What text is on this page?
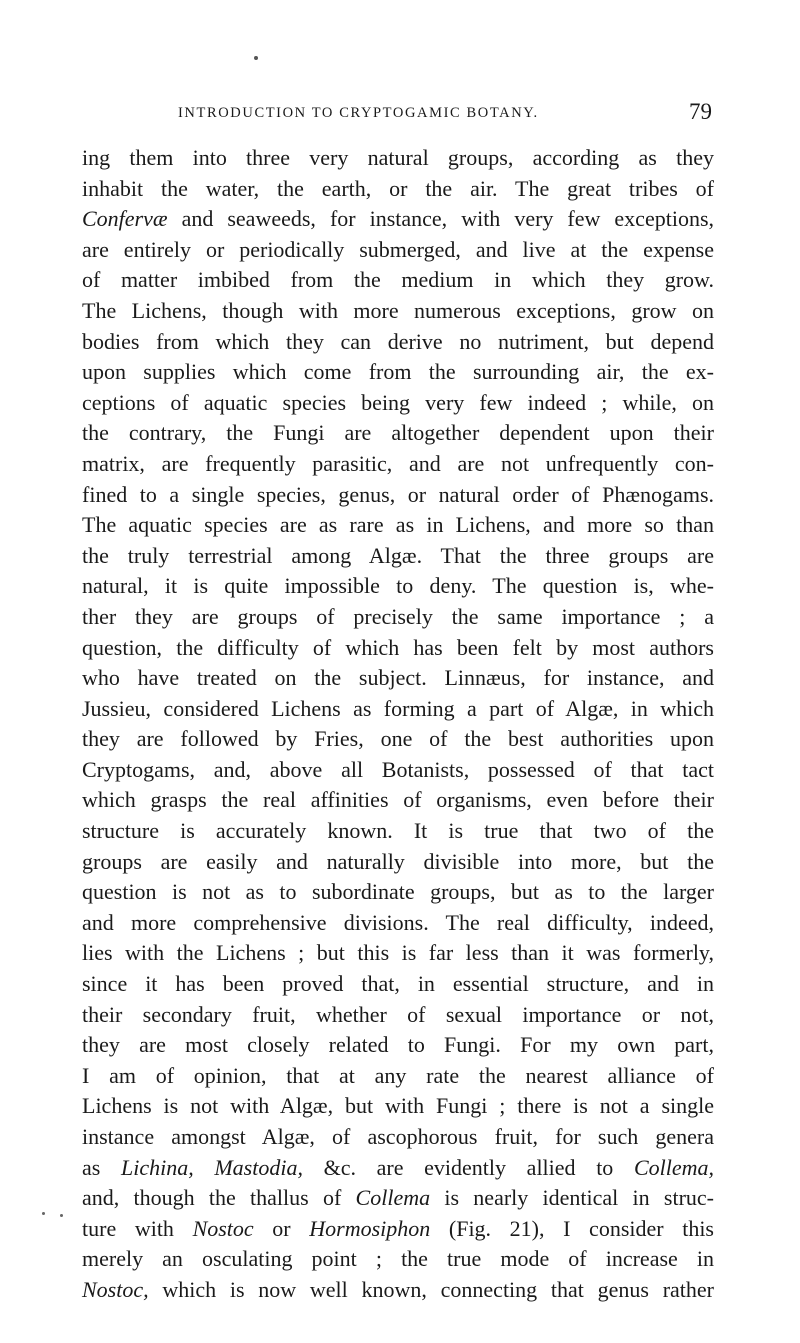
INTRODUCTION TO CRYPTOGAMIC BOTANY.	79
ing them into three very natural groups, according as they
inhabit the water, the earth, or the air. The great tribes of
Confervæ and seaweeds, for instance, with very few exceptions,
are entirely or periodically submerged, and live at the expense
of matter imbibed from the medium in which they grow.
The Lichens, though with more numerous exceptions, grow on
bodies from which they can derive no nutriment, but depend
upon supplies which come from the surrounding air, the ex-
ceptions of aquatic species being very few indeed ; while, on
the contrary, the Fungi are altogether dependent upon their
matrix, are frequently parasitic, and are not unfrequently con-
fined to a single species, genus, or natural order of Phænogams.
The aquatic species are as rare as in Lichens, and more so than
the truly terrestrial among Algæ. That the three groups are
natural, it is quite impossible to deny. The question is, whe-
ther they are groups of precisely the same importance ; a
question, the difficulty of which has been felt by most authors
who have treated on the subject. Linnæus, for instance, and
Jussieu, considered Lichens as forming a part of Algæ, in which
they are followed by Fries, one of the best authorities upon
Cryptogams, and, above all Botanists, possessed of that tact
which grasps the real affinities of organisms, even before their
structure is accurately known. It is true that two of the
groups are easily and naturally divisible into more, but the
question is not as to subordinate groups, but as to the larger
and more comprehensive divisions. The real difficulty, indeed,
lies with the Lichens ; but this is far less than it was formerly,
since it has been proved that, in essential structure, and in
their secondary fruit, whether of sexual importance or not,
they are most closely related to Fungi. For my own part,
I am of opinion, that at any rate the nearest alliance of
Lichens is not with Algæ, but with Fungi ; there is not a single
instance amongst Algæ, of ascophorous fruit, for such genera
as Lichina, Mastodia, &c. are evidently allied to Collema,
and, though the thallus of Collema is nearly identical in struc-
ture with Nostoc or Hormosiphon (Fig. 21), I consider this
merely an osculating point ; the true mode of increase in
Nostoc, which is now well known, connecting that genus rather
